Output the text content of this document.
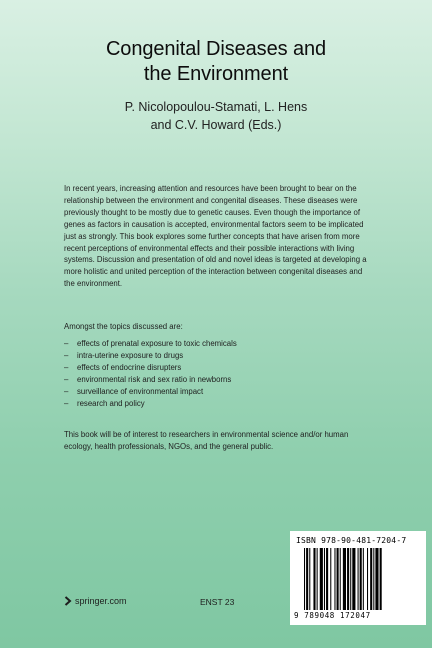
Congenital Diseases and
the Environment
P. Nicolopoulou-Stamati, L. Hens
and C.V. Howard (Eds.)

In recent years, increasing attention and resources have been brought to bear on the relationship between the environment and congenital diseases. These diseases were previously thought to be mostly due to genetic causes. Even though the importance of genes as factors in causation is accepted, environmental factors seem to be implicated just as strongly. This book explores some further concepts that have arisen from more recent perceptions of environmental effects and their possible interactions with living systems. Discussion and presentation of old and novel ideas is targeted at developing a more holistic and united perception of the interaction between congenital diseases and the environment.

Amongst the topics discussed are:

–	effects of prenatal exposure to toxic chemicals
–	intra-uterine exposure to drugs
–	effects of endocrine disrupters
–	environmental risk and sex ratio in newborns
–	surveillance of environmental impact
–	research and policy

This book will be of interest to researchers in environmental science and/or human ecology, health professionals, NGOs, and the general public.

springer.com	ENST 23
ISBN 978-90-481-7204-7
9 789048 172047
